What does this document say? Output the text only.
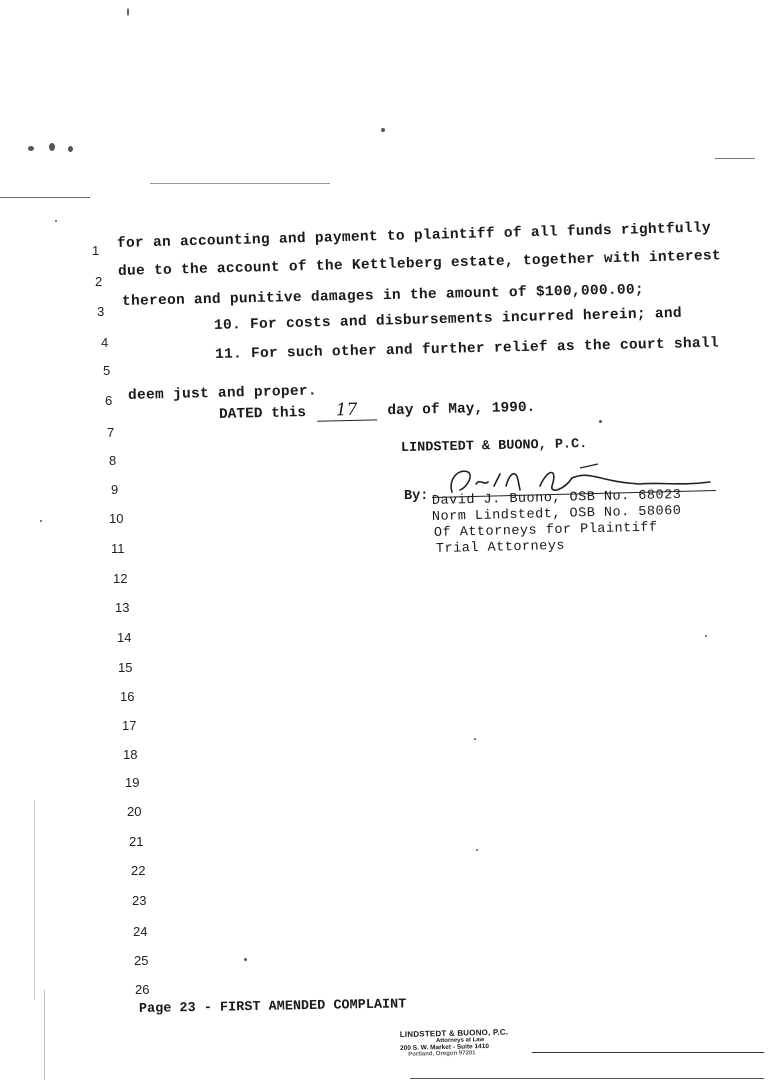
1
2
3
4
5
6
7
8
9
10
11
12
13
14
15
16
17
18
19
20
21
22
23
24
25
26
for an accounting and payment to plaintiff of all funds rightfully
due to the account of the Kettleberg estate, together with interest
thereon and punitive damages in the amount of $100,000.00;
10. For costs and disbursements incurred herein; and
11. For such other and further relief as the court shall
deem just and proper.
DATED this 17 day of May, 1990.
LINDSTEDT & BUONO, P.C.
By: David J. Buono, OSB No. 68023
Norm Lindstedt, OSB No. 58060
Of Attorneys for Plaintiff
Trial Attorneys
Page 23 - FIRST AMENDED COMPLAINT
LINDSTEDT & BUONO, P.C.
Attorneys at Law
200 S. W. Market - Suite 1410
Portland, Oregon 97201
